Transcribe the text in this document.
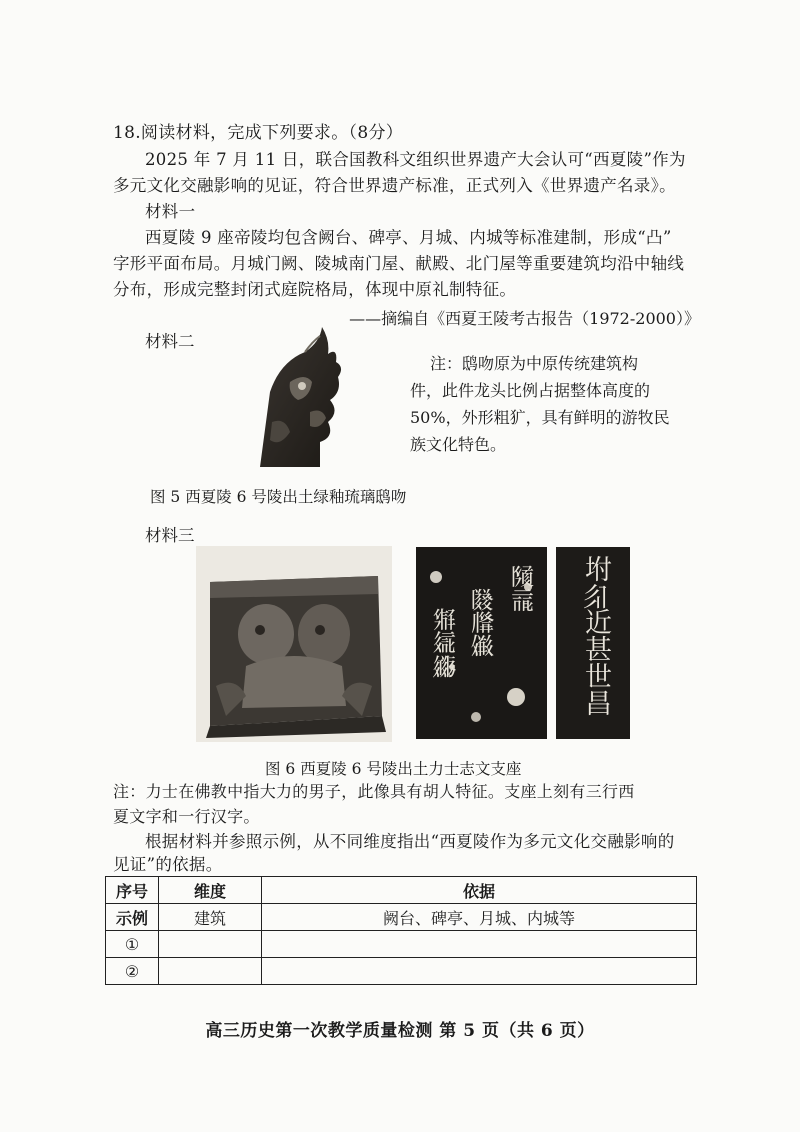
18.阅读材料，完成下列要求。（8分）
2025 年 7 月 11 日，联合国教科文组织世界遗产大会认可“西夏陵”作为
多元文化交融影响的见证，符合世界遗产标准，正式列入《世界遗产名录》。
材料一
西夏陵 9 座帝陵均包含阙台、碑亭、月城、内城等标准建制，形成“凸”
字形平面布局。月城门阙、陵城南门屋、献殿、北门屋等重要建筑均沿中轴线
分布，形成完整封闭式庭院格局，体现中原礼制特征。
——摘编自《西夏王陵考古报告（1972-2000）》
材料二
注：鸱吻原为中原传统建筑构
件，此件龙头比例占据整体高度的
50%，外形粗犷，具有鲜明的游牧民
族文化特色。
图 5 西夏陵 6 号陵出土绿釉琉璃鸱吻
材料三
𗂧𗄈
𗃊𗆄𗏹
𗋃𗦇𗪓	坿𗼃近甚世昌
图 6 西夏陵 6 号陵出土力士志文支座
注：力士在佛教中指大力的男子，此像具有胡人特征。支座上刻有三行西
夏文字和一行汉字。
根据材料并参照示例，从不同维度指出“西夏陵作为多元文化交融影响的
见证”的依据。
序号	维度	依据
示例	建筑	阙台、碑亭、月城、内城等
①		
②		
高三历史第一次教学质量检测 第 5 页（共 6 页）
